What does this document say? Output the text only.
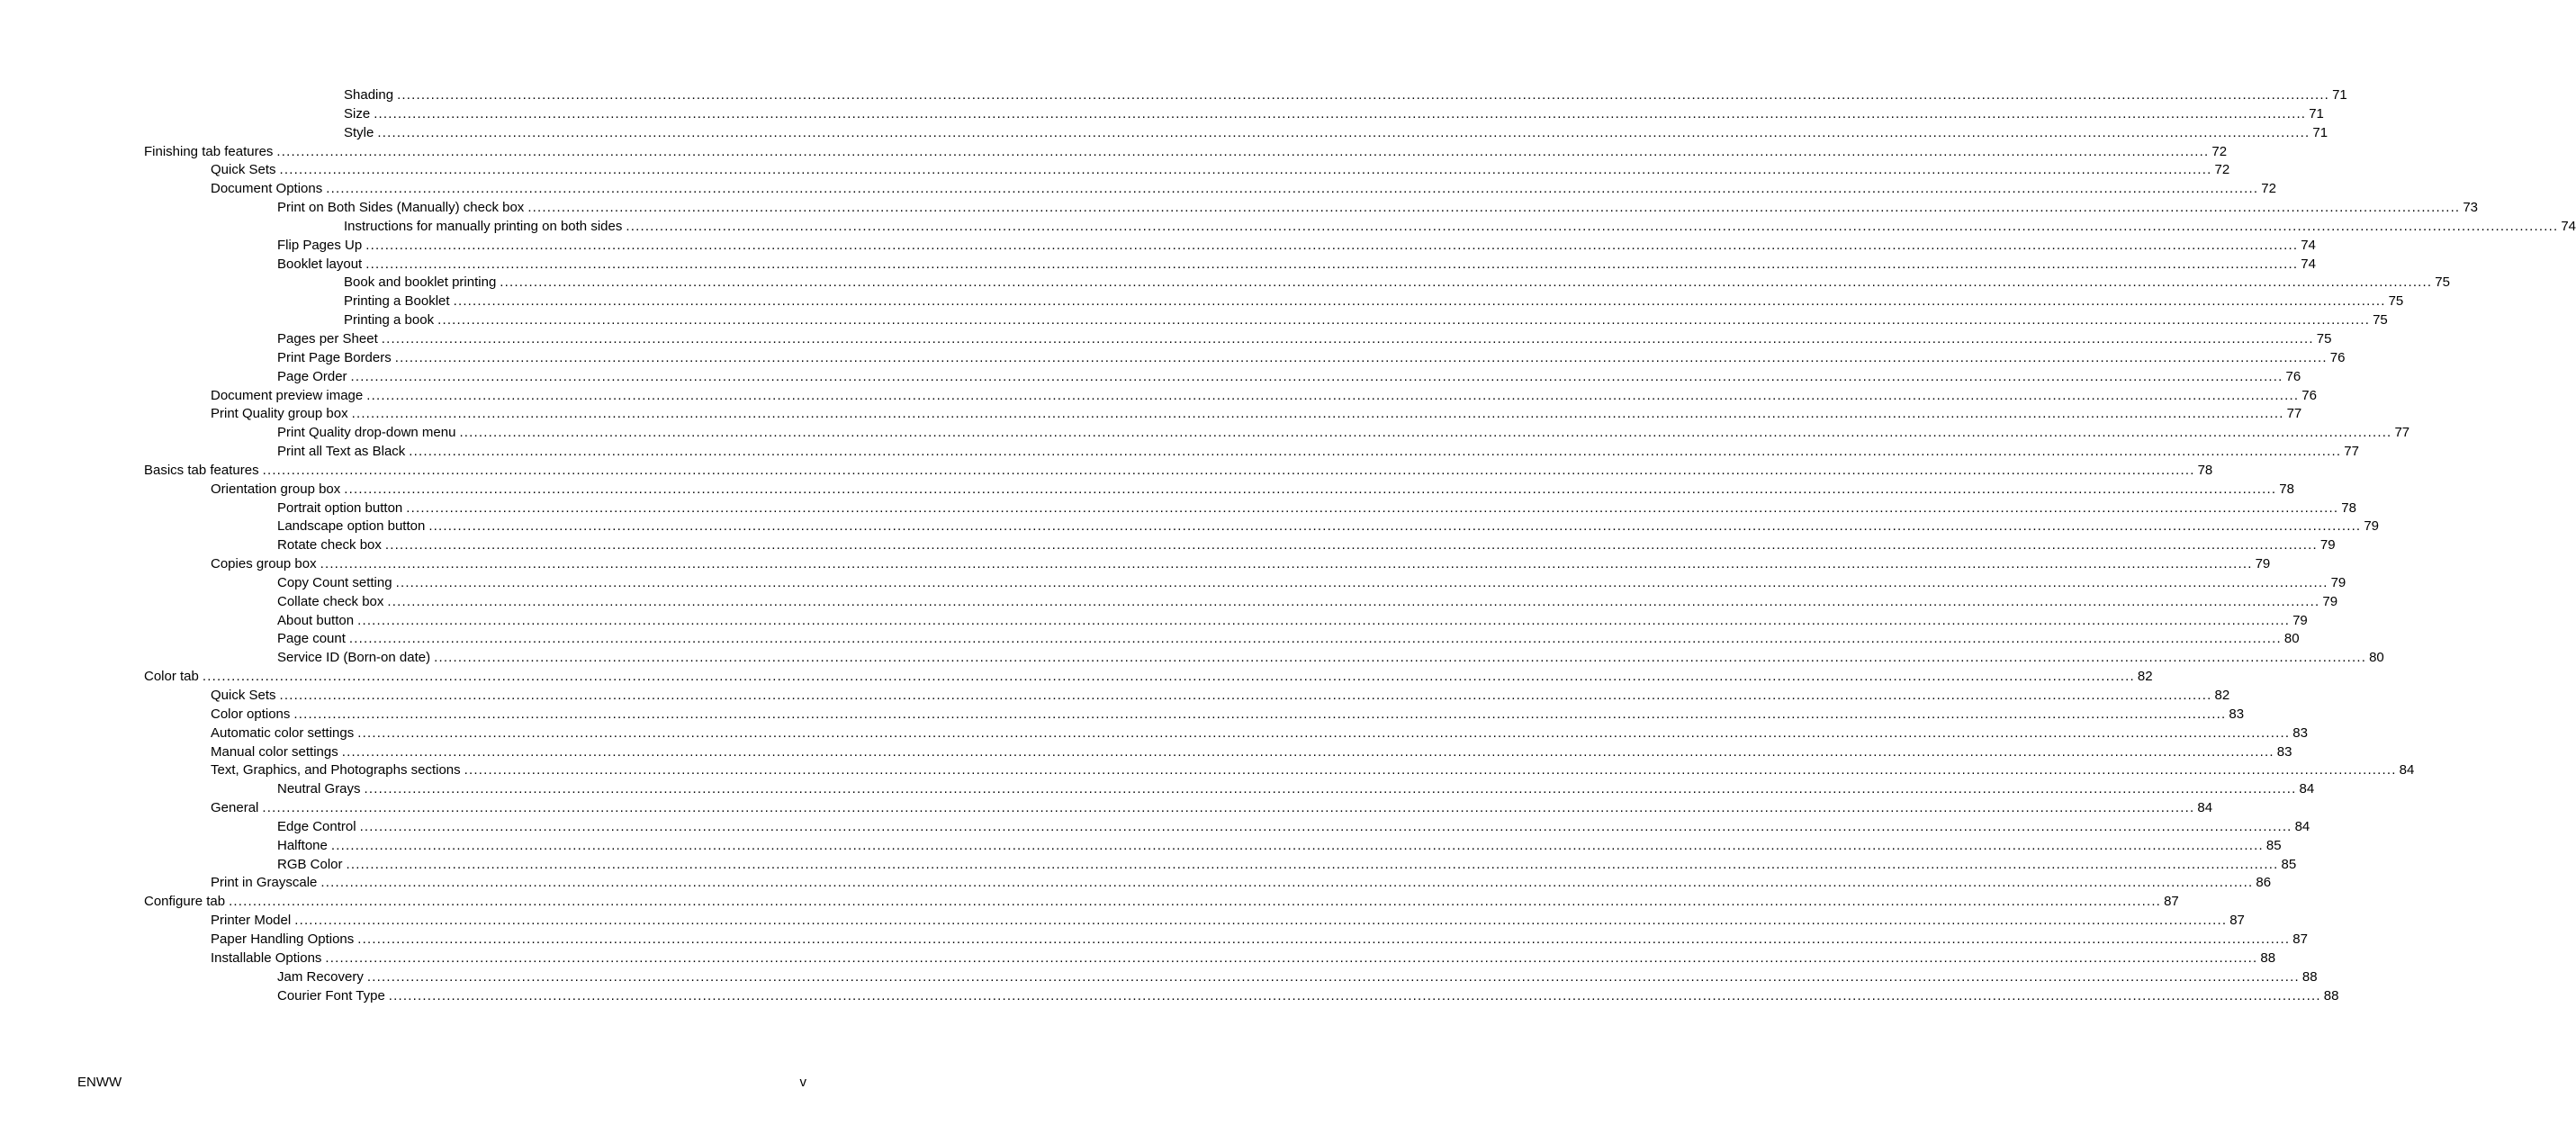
Shading ................................................................................................................................................................................................................................................................................................................................................................................................................ 71
Size ................................................................................................................................................................................................................................................................................................................................................................................................................ 71
Style ................................................................................................................................................................................................................................................................................................................................................................................................................ 71
Finishing tab features ................................................................................................................................................................................................................................................................................................................................................................................................................ 72
Quick Sets ................................................................................................................................................................................................................................................................................................................................................................................................................ 72
Document Options ................................................................................................................................................................................................................................................................................................................................................................................................................ 72
Print on Both Sides (Manually) check box ................................................................................................................................................................................................................................................................................................................................................................................................................ 73
Instructions for manually printing on both sides ................................................................................................................................................................................................................................................................................................................................................................................................................ 74
Flip Pages Up ................................................................................................................................................................................................................................................................................................................................................................................................................ 74
Booklet layout ................................................................................................................................................................................................................................................................................................................................................................................................................ 74
Book and booklet printing ................................................................................................................................................................................................................................................................................................................................................................................................................ 75
Printing a Booklet ................................................................................................................................................................................................................................................................................................................................................................................................................ 75
Printing a book ................................................................................................................................................................................................................................................................................................................................................................................................................ 75
Pages per Sheet ................................................................................................................................................................................................................................................................................................................................................................................................................ 75
Print Page Borders ................................................................................................................................................................................................................................................................................................................................................................................................................ 76
Page Order ................................................................................................................................................................................................................................................................................................................................................................................................................ 76
Document preview image ................................................................................................................................................................................................................................................................................................................................................................................................................ 76
Print Quality group box ................................................................................................................................................................................................................................................................................................................................................................................................................ 77
Print Quality drop-down menu ................................................................................................................................................................................................................................................................................................................................................................................................................ 77
Print all Text as Black ................................................................................................................................................................................................................................................................................................................................................................................................................ 77
Basics tab features ................................................................................................................................................................................................................................................................................................................................................................................................................ 78
Orientation group box ................................................................................................................................................................................................................................................................................................................................................................................................................ 78
Portrait option button ................................................................................................................................................................................................................................................................................................................................................................................................................ 78
Landscape option button ................................................................................................................................................................................................................................................................................................................................................................................................................ 79
Rotate check box ................................................................................................................................................................................................................................................................................................................................................................................................................ 79
Copies group box ................................................................................................................................................................................................................................................................................................................................................................................................................ 79
Copy Count setting ................................................................................................................................................................................................................................................................................................................................................................................................................ 79
Collate check box ................................................................................................................................................................................................................................................................................................................................................................................................................ 79
About button ................................................................................................................................................................................................................................................................................................................................................................................................................ 79
Page count ................................................................................................................................................................................................................................................................................................................................................................................................................ 80
Service ID (Born-on date) ................................................................................................................................................................................................................................................................................................................................................................................................................ 80
Color tab ................................................................................................................................................................................................................................................................................................................................................................................................................ 82
Quick Sets ................................................................................................................................................................................................................................................................................................................................................................................................................ 82
Color options ................................................................................................................................................................................................................................................................................................................................................................................................................ 83
Automatic color settings ................................................................................................................................................................................................................................................................................................................................................................................................................ 83
Manual color settings ................................................................................................................................................................................................................................................................................................................................................................................................................ 83
Text, Graphics, and Photographs sections ................................................................................................................................................................................................................................................................................................................................................................................................................ 84
Neutral Grays ................................................................................................................................................................................................................................................................................................................................................................................................................ 84
General ................................................................................................................................................................................................................................................................................................................................................................................................................ 84
Edge Control ................................................................................................................................................................................................................................................................................................................................................................................................................ 84
Halftone ................................................................................................................................................................................................................................................................................................................................................................................................................ 85
RGB Color ................................................................................................................................................................................................................................................................................................................................................................................................................ 85
Print in Grayscale ................................................................................................................................................................................................................................................................................................................................................................................................................ 86
Configure tab ................................................................................................................................................................................................................................................................................................................................................................................................................ 87
Printer Model ................................................................................................................................................................................................................................................................................................................................................................................................................ 87
Paper Handling Options ................................................................................................................................................................................................................................................................................................................................................................................................................ 87
Installable Options ................................................................................................................................................................................................................................................................................................................................................................................................................ 88
Jam Recovery ................................................................................................................................................................................................................................................................................................................................................................................................................ 88
Courier Font Type ................................................................................................................................................................................................................................................................................................................................................................................................................ 88
ENWW	v
